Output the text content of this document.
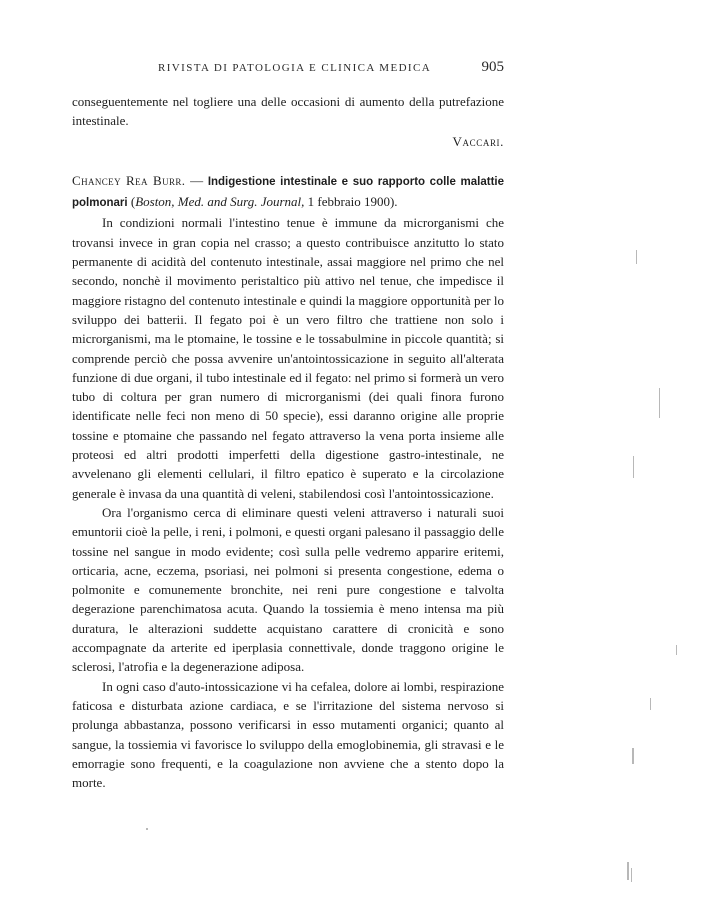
RIVISTA DI PATOLOGIA E CLINICA MEDICA	905

conseguentemente nel togliere una delle occasioni di aumento della putrefazione intestinale.

Vaccari.

Chancey Rea Burr. — Indigestione intestinale e suo rapporto colle malattie polmonari (Boston, Med. and Surg. Journal, 1 febbraio 1900).

In condizioni normali l'intestino tenue è immune da microrganismi che trovansi invece in gran copia nel crasso; a questo contribuisce anzitutto lo stato permanente di acidità del contenuto intestinale, assai maggiore nel primo che nel secondo, nonchè il movimento peristaltico più attivo nel tenue, che impedisce il maggiore ristagno del contenuto intestinale e quindi la maggiore opportunità per lo sviluppo dei batterii. Il fegato poi è un vero filtro che trattiene non solo i microrganismi, ma le ptomaine, le tossine e le tossabulmine in piccole quantità; si comprende perciò che possa avvenire un'antointossicazione in seguito all'alterata funzione di due organi, il tubo intestinale ed il fegato: nel primo si formerà un vero tubo di coltura per gran numero di microrganismi (dei quali finora furono identificate nelle feci non meno di 50 specie), essi daranno origine alle proprie tossine e ptomaine che passando nel fegato attraverso la vena porta insieme alle proteosi ed altri prodotti imperfetti della digestione gastro-intestinale, ne avvelenano gli elementi cellulari, il filtro epatico è superato e la circolazione generale è invasa da una quantità di veleni, stabilendosi così l'antointossicazione.

Ora l'organismo cerca di eliminare questi veleni attraverso i naturali suoi emuntorii cioè la pelle, i reni, i polmoni, e questi organi palesano il passaggio delle tossine nel sangue in modo evidente; così sulla pelle vedremo apparire eritemi, orticaria, acne, eczema, psoriasi, nei polmoni si presenta congestione, edema o polmonite e comunemente bronchite, nei reni pure congestione e talvolta degerazione parenchimatosa acuta. Quando la tossiemia è meno intensa ma più duratura, le alterazioni suddette acquistano carattere di cronicità e sono accompagnate da arterite ed iperplasia connettivale, donde traggono origine le sclerosi, l'atrofia e la degenerazione adiposa.

In ogni caso d'auto-intossicazione vi ha cefalea, dolore ai lombi, respirazione faticosa e disturbata azione cardiaca, e se l'irritazione del sistema nervoso si prolunga abbastanza, possono verificarsi in esso mutamenti organici; quanto al sangue, la tossiemia vi favorisce lo sviluppo della emoglobinemia, gli stravasi e le emorragie sono frequenti, e la coagulazione non avviene che a stento dopo la morte.
